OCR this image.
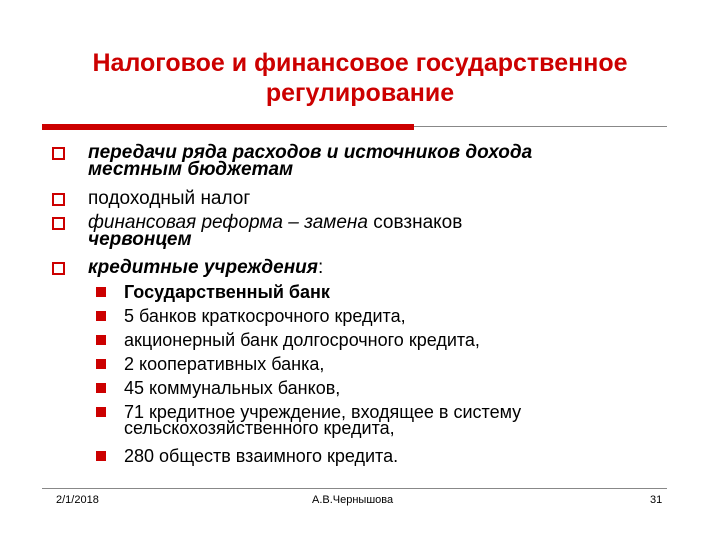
Налоговое и финансовое государственное
регулирование
передачи ряда расходов и источников дохода
местным бюджетам
подоходный налог
финансовая реформа – замена совзнаков
червонцем
кредитные учреждения:
Государственный банк
5 банков краткосрочного кредита,
акционерный банк долгосрочного кредита,
2 кооперативных банка,
45 коммунальных банков,
71 кредитное учреждение, входящее в систему
сельскохозяйственного кредита,
280 обществ взаимного кредита.
2/1/2018	А.В.Чернышова	31
